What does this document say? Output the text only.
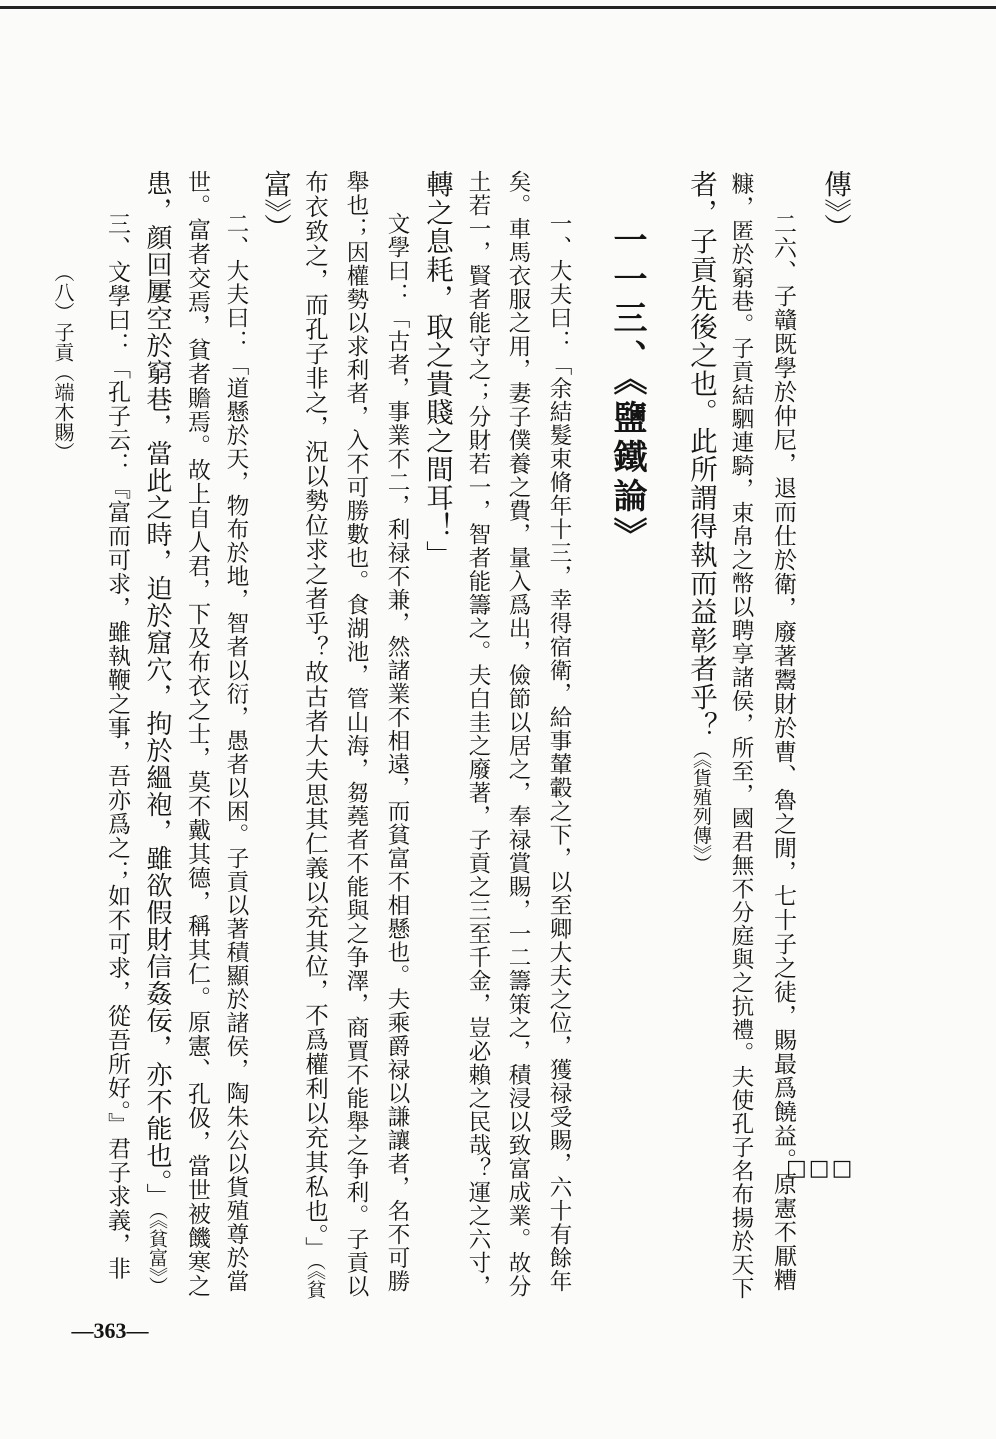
傳》）
二六、子贛既學於仲尼，退而仕於衛，廢著鬻財於曹、魯之閒，七十子之徒，賜最爲饒益。原憲不厭糟
糠，匿於窮巷。子貢結駟連騎，束帛之幣以聘享諸侯，所至，國君無不分庭與之抗禮。夫使孔子名布揚於天下
者，子貢先後之也。此所謂得執而益彰者乎？（《貨殖列傳》）
一一三、《鹽鐵論》
一、大夫曰：「余結髮束脩年十三，幸得宿衛，給事輦轂之下，以至卿大夫之位，獲禄受賜，六十有餘年
矣。車馬衣服之用，妻子僕養之費，量入爲出，儉節以居之，奉禄賞賜，一二籌策之，積浸以致富成業。故分
土若一，賢者能守之；分財若一，智者能籌之。夫白圭之廢著，子貢之三至千金，豈必賴之民哉？運之六寸，
轉之息耗，取之貴賤之間耳！」
文學曰：「古者，事業不二，利禄不兼，然諸業不相遠，而貧富不相懸也。夫乘爵禄以謙讓者，名不可勝
舉也；因權勢以求利者，入不可勝數也。食湖池，管山海，芻蕘者不能與之争澤，商賈不能舉之争利。子貢以
布衣致之，而孔子非之，況以勢位求之者乎？故古者大夫思其仁義以充其位，不爲權利以充其私也。」（《貧
富》）
二、大夫曰：「道懸於天，物布於地，智者以衍，愚者以困。子貢以著積顯於諸侯，陶朱公以貨殖尊於當
世。富者交焉，貧者贍焉。故上自人君，下及布衣之士，莫不戴其德，稱其仁。原憲、孔伋，當世被饑寒之
患，顔回屢空於窮巷，當此之時，迫於窟穴，拘於縕袍，雖欲假財信姦佞，亦不能也。」（《貧富》）
三、文學曰：「孔子云：『富而可求，雖執鞭之事，吾亦爲之；如不可求，從吾所好。』君子求義，非
（八）子貢（端木賜）
□□□
—363—
